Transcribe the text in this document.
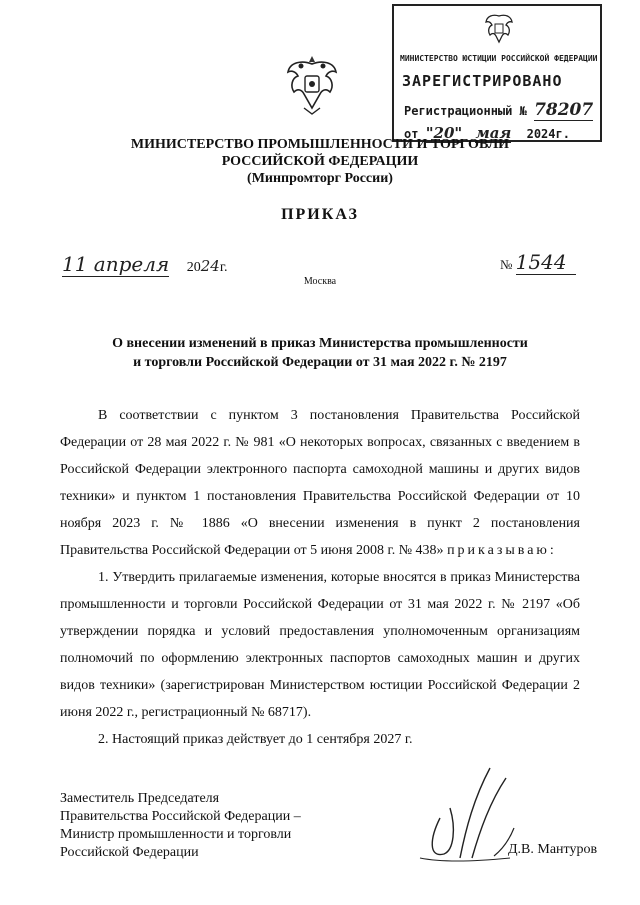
МИНИСТЕРСТВО ЮСТИЦИИ РОССИЙСКОЙ ФЕДЕРАЦИИ
ЗАРЕГИСТРИРОВАНО
Регистрационный № 78207
от "20" мая 2024г.
МИНИСТЕРСТВО ПРОМЫШЛЕННОСТИ И ТОРГОВЛИ
РОССИЙСКОЙ ФЕДЕРАЦИИ
(Минпромторг России)
ПРИКАЗ
11 апреля 2024г.	№ 1544
Москва
О внесении изменений в приказ Министерства промышленности
и торговли Российской Федерации от 31 мая 2022 г. № 2197

В соответствии с пунктом 3 постановления Правительства Российской Федерации от 28 мая 2022 г. № 981 «О некоторых вопросах, связанных с введением в Российской Федерации электронного паспорта самоходной машины и других видов техники» и пунктом 1 постановления Правительства Российской Федерации от 10 ноября 2023 г. № 1886 «О внесении изменения в пункт 2 постановления Правительства Российской Федерации от 5 июня 2008 г. № 438» приказываю:

1. Утвердить прилагаемые изменения, которые вносятся в приказ Министерства промышленности и торговли Российской Федерации от 31 мая 2022 г. № 2197 «Об утверждении порядка и условий предоставления уполномоченным организациям полномочий по оформлению электронных паспортов самоходных машин и других видов техники» (зарегистрирован Министерством юстиции Российской Федерации 2 июня 2022 г., регистрационный № 68717).

2. Настоящий приказ действует до 1 сентября 2027 г.

Заместитель Председателя
Правительства Российской Федерации –
Министр промышленности и торговли
Российской Федерации	Д.В. Мантуров
